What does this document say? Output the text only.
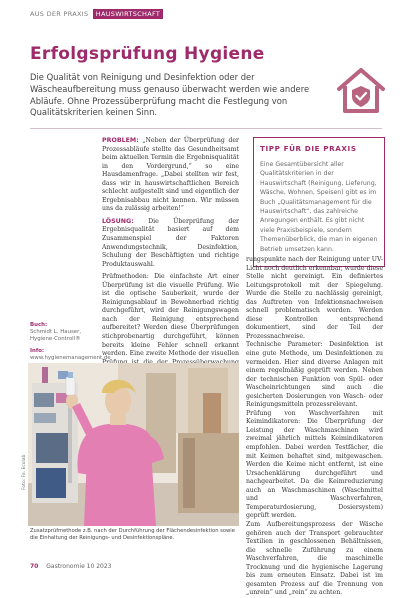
AUS DER PRAXIS HAUSWIRTSCHAFT
Erfolgsprüfung Hygiene
Die Qualität von Reinigung und Desinfektion oder der Wäscheaufbereitung muss genauso überwacht werden wie andere Abläufe. Ohne Prozessüberprüfung macht die Festlegung von Qualitätskriterien keinen Sinn.
PROBLEM: „Neben der Überprüfung der Prozessabläufe stellte das Gesundheitsamt beim aktuellen Termin die Ergebnisqualität in den Vordergrund,“ so eine Hausdamenfrage. „Dabei stellten wir fest, dass wir in hauswirtschaftlichen Bereich schlecht aufgestellt sind und eigentlich der Ergebnisabbau nicht kennen. Wir müssen uns da zulässig arbeiten!“
LÖSUNG: Die Überprüfung der Ergebnisqualität basiert auf dem Zusammenspiel der Faktoren Anwendungstechnik, Desinfektion, Schulung der Beschäftigten und richtige Produktauswahl.
Prüfmethoden: Die einfachste Art einer Überprüfung ist die visuelle Prüfung. Wie ist die optische Sauberkeit, wurde der Reinigungsablauf in Bewohnerbad richtig durchgeführt, wird der Reinigungswagen nach der Reinigung entsprechend aufbereitet? Werden diese Überprüfungen stichprobenartig durchgeführt, können bereits kleine Fehler schnell erkannt werden. Eine zweite Methode der visuellen
TIPP FÜR DIE PRAXIS
Eine Gesamtübersicht aller Qualitätskriterien in der Hauswirtschaft (Reinigung, Lieferung, Wäsche, Wohnen, Speisen) gibt es im Buch „Qualitätsmanagement für die Hauswirtschaft“, das zahlreiche Anregungen enthält. Es gibt nicht viele Praxisbeispiele, sondern Themenüberblick, die man in eigenen Betrieb umsetzen kann.
rungspunkte nach der Reinigung unter UV-Licht noch deutlich erkennbar, wurde diese Stelle nicht gereinigt. Ein definiertes Leitungsprotokoll mit der Spiegelung. Wurde die Stelle zu nachlässig gereinigt, das Auftreten von Infektionsnachweisen schnell problematisch werden. Werden diese Kontrollen entsprechend dokumentiert, sind der Teil der Prozessnachweise.
Technische Parameter: Desinfektion ist eine gute Methode, um Desinfektionen zu vermeiden. Hier sind diverse Anlagen mit einem regelmäßig geprüft werden. Neben der technischen Funktion von Spül- oder Wascheinrichtungen sind auch die gesicherten Dosierungen von Wasch- oder Reinigungsmitteln prozessrelevant.
Prüfung von Waschverfahren mit Keimindikatoren: Die Überprüfung der Leistung der Waschmaschinen wird zweimal jährlich mittels Keimindikatoren empfohlen. Dabei werden Testfächer, die mit Keimen behaftet sind, mitgewaschen. Werden die Keime nicht entfernt, ist eine Ursachenklärung durchgeführt und nachgearbeitet. Da die Keimreduzierung auch an Waschmaschinen (Waschmittel und Waschverfahren, Temperaturdosierung, Dosiersystem) geprüft werden.
Zum Aufbereitungsprozess der Wäsche gehören auch der Transport gebrauchter Textilien in geschlossenen Behältnissen, die schnelle Zuführung zu einem Waschverfahren, die maschinelle Trocknung und die hygienische Lagerung bis zum erneuten Einsatz. Dabei ist im gesamten Prozess auf die Trennung von „unrein“ und „rein“ zu achten.
Buch:
Schmidt L. Hauser, Hygiene-Controll®
Info:
www.hygienemanagement.de
Foto: Fa. Ecolab
Zusatzprüfmethode z.B. nach der Durchführung der Flächendesinfektion sowie die Einhaltung der Reinigungs- und Desinfektionspläne.
70 Gastronomie 10 2023
